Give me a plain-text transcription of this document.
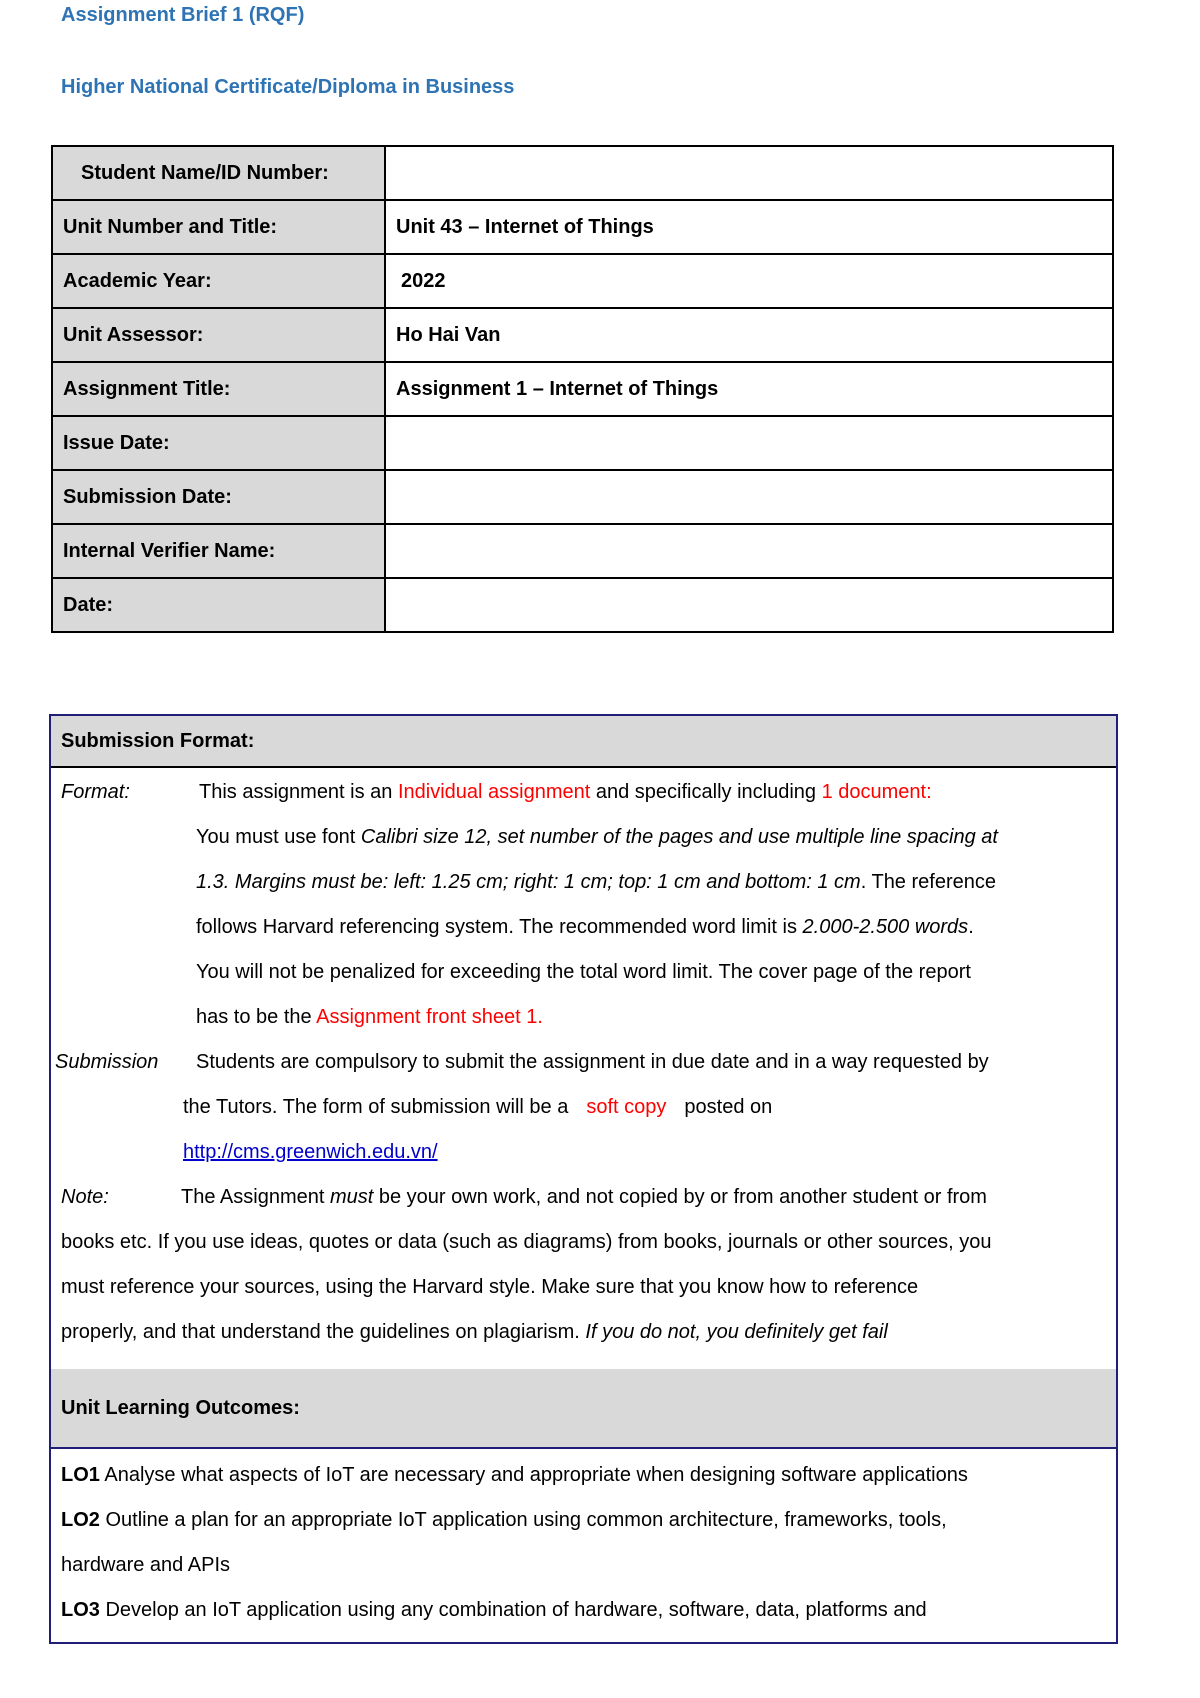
Assignment Brief 1 (RQF)
Higher National Certificate/Diploma in Business
Student Name/ID Number:	
Unit Number and Title:	Unit 43 – Internet of Things
Academic Year:	2022
Unit Assessor:	Ho Hai Van
Assignment Title:	Assignment 1 – Internet of Things
Issue Date:	
Submission Date:	
Internal Verifier Name:	
Date:	
Submission Format:
Format:	This assignment is an Individual assignment and specifically including 1 document:
You must use font Calibri size 12, set number of the pages and use multiple line spacing at
1.3. Margins must be: left: 1.25 cm; right: 1 cm; top: 1 cm and bottom: 1 cm. The reference
follows Harvard referencing system. The recommended word limit is 2.000-2.500 words.
You will not be penalized for exceeding the total word limit. The cover page of the report
has to be the Assignment front sheet 1.
Submission Students are compulsory to submit the assignment in due date and in a way requested by
the Tutors. The form of submission will be a soft copy posted on
http://cms.greenwich.edu.vn/
Note:	The Assignment must be your own work, and not copied by or from another student or from
books etc. If you use ideas, quotes or data (such as diagrams) from books, journals or other sources, you
must reference your sources, using the Harvard style. Make sure that you know how to reference
properly, and that understand the guidelines on plagiarism. If you do not, you definitely get fail
Unit Learning Outcomes:
LO1 Analyse what aspects of IoT are necessary and appropriate when designing software applications
LO2 Outline a plan for an appropriate IoT application using common architecture, frameworks, tools,
hardware and APIs
LO3 Develop an IoT application using any combination of hardware, software, data, platforms and
